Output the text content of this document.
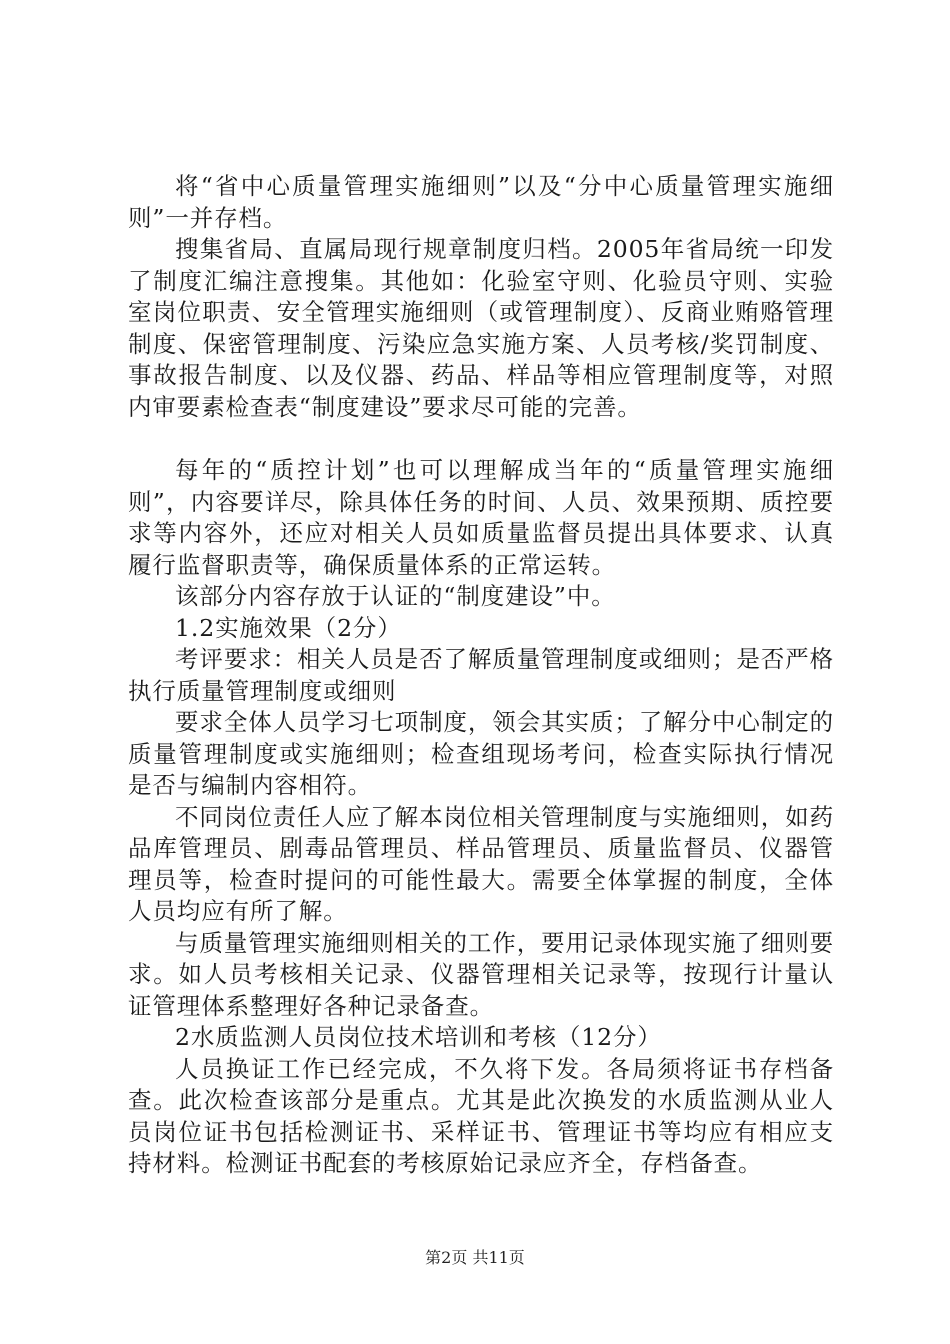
将“省中心质量管理实施细则”以及“分中心质量管理实施细则”一并存档。

搜集省局、直属局现行规章制度归档。2005年省局统一印发了制度汇编注意搜集。其他如：化验室守则、化验员守则、实验室岗位职责、安全管理实施细则（或管理制度）、反商业贿赂管理制度、保密管理制度、污染应急实施方案、人员考核/奖罚制度、事故报告制度、以及仪器、药品、样品等相应管理制度等，对照内审要素检查表“制度建设”要求尽可能的完善。

每年的“质控计划”也可以理解成当年的“质量管理实施细则”，内容要详尽，除具体任务的时间、人员、效果预期、质控要求等内容外，还应对相关人员如质量监督员提出具体要求、认真履行监督职责等，确保质量体系的正常运转。

该部分内容存放于认证的“制度建设”中。

1.2实施效果（2分）

考评要求：相关人员是否了解质量管理制度或细则；是否严格执行质量管理制度或细则

要求全体人员学习七项制度，领会其实质；了解分中心制定的质量管理制度或实施细则；检查组现场考问，检查实际执行情况是否与编制内容相符。

不同岗位责任人应了解本岗位相关管理制度与实施细则，如药品库管理员、剧毒品管理员、样品管理员、质量监督员、仪器管理员等，检查时提问的可能性最大。需要全体掌握的制度，全体人员均应有所了解。

与质量管理实施细则相关的工作，要用记录体现实施了细则要求。如人员考核相关记录、仪器管理相关记录等，按现行计量认证管理体系整理好各种记录备查。

2水质监测人员岗位技术培训和考核（12分）

人员换证工作已经完成，不久将下发。各局须将证书存档备查。此次检查该部分是重点。尤其是此次换发的水质监测从业人员岗位证书包括检测证书、采样证书、管理证书等均应有相应支持材料。检测证书配套的考核原始记录应齐全，存档备查。

第2页 共11页
